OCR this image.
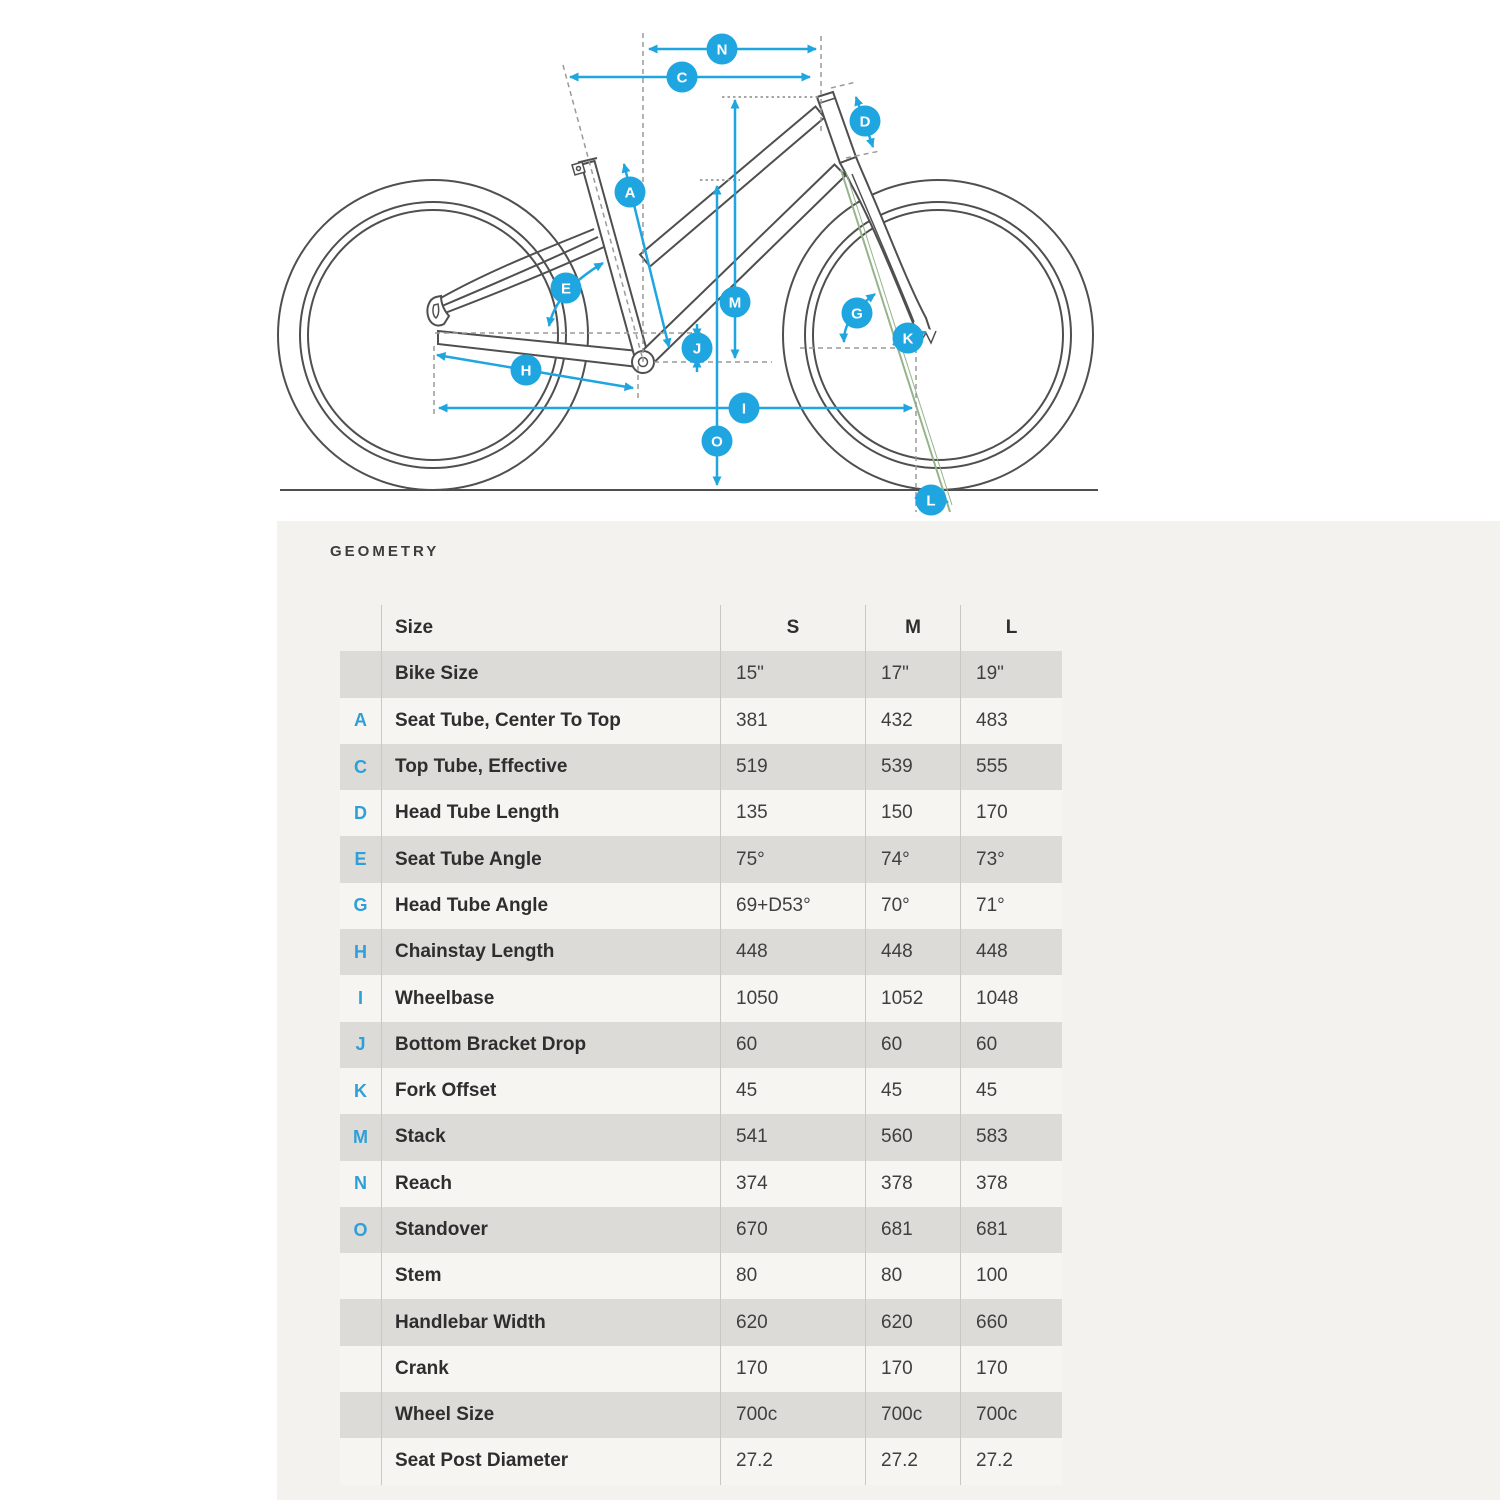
N
C
D
A
E
M
G
K
J
H
I
O
L
GEOMETRY
Size	S	M	L
Bike Size	15"	17"	19"
A	Seat Tube, Center To Top	381	432	483
C	Top Tube, Effective	519	539	555
D	Head Tube Length	135	150	170
E	Seat Tube Angle	75°	74°	73°
G	Head Tube Angle	69+D53°	70°	71°
H	Chainstay Length	448	448	448
I	Wheelbase	1050	1052	1048
J	Bottom Bracket Drop	60	60	60
K	Fork Offset	45	45	45
M	Stack	541	560	583
N	Reach	374	378	378
O	Standover	670	681	681
Stem	80	80	100
Handlebar Width	620	620	660
Crank	170	170	170
Wheel Size	700c	700c	700c
Seat Post Diameter	27.2	27.2	27.2
